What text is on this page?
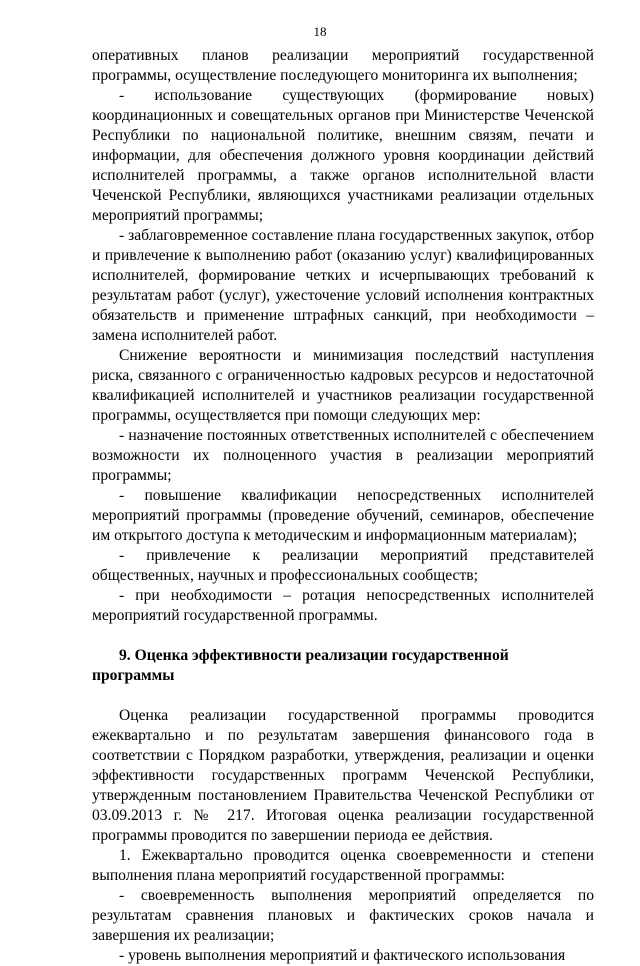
18

оперативных планов реализации мероприятий государственной программы, осуществление последующего мониторинга их выполнения;

- использование существующих (формирование новых) координационных и совещательных органов при Министерстве Чеченской Республики по национальной политике, внешним связям, печати и информации, для обеспечения должного уровня координации действий исполнителей программы, а также органов исполнительной власти Чеченской Республики, являющихся участниками реализации отдельных мероприятий программы;

- заблаговременное составление плана государственных закупок, отбор и привлечение к выполнению работ (оказанию услуг) квалифицированных исполнителей, формирование четких и исчерпывающих требований к результатам работ (услуг), ужесточение условий исполнения контрактных обязательств и применение штрафных санкций, при необходимости – замена исполнителей работ.

Снижение вероятности и минимизация последствий наступления риска, связанного с ограниченностью кадровых ресурсов и недостаточной квалификацией исполнителей и участников реализации государственной программы, осуществляется при помощи следующих мер:

- назначение постоянных ответственных исполнителей с обеспечением возможности их полноценного участия в реализации мероприятий программы;

- повышение квалификации непосредственных исполнителей мероприятий программы (проведение обучений, семинаров, обеспечение им открытого доступа к методическим и информационным материалам);

- привлечение к реализации мероприятий представителей общественных, научных и профессиональных сообществ;

- при необходимости – ротация непосредственных исполнителей мероприятий государственной программы.

9. Оценка эффективности реализации государственной программы

Оценка реализации государственной программы проводится ежеквартально и по результатам завершения финансового года в соответствии с Порядком разработки, утверждения, реализации и оценки эффективности государственных программ Чеченской Республики, утвержденным постановлением Правительства Чеченской Республики от 03.09.2013 г. № 217. Итоговая оценка реализации государственной программы проводится по завершении периода ее действия.

1. Ежеквартально проводится оценка своевременности и степени выполнения плана мероприятий государственной программы:

- своевременность выполнения мероприятий определяется по результатам сравнения плановых и фактических сроков начала и завершения их реализации;

- уровень выполнения мероприятий и фактического использования
